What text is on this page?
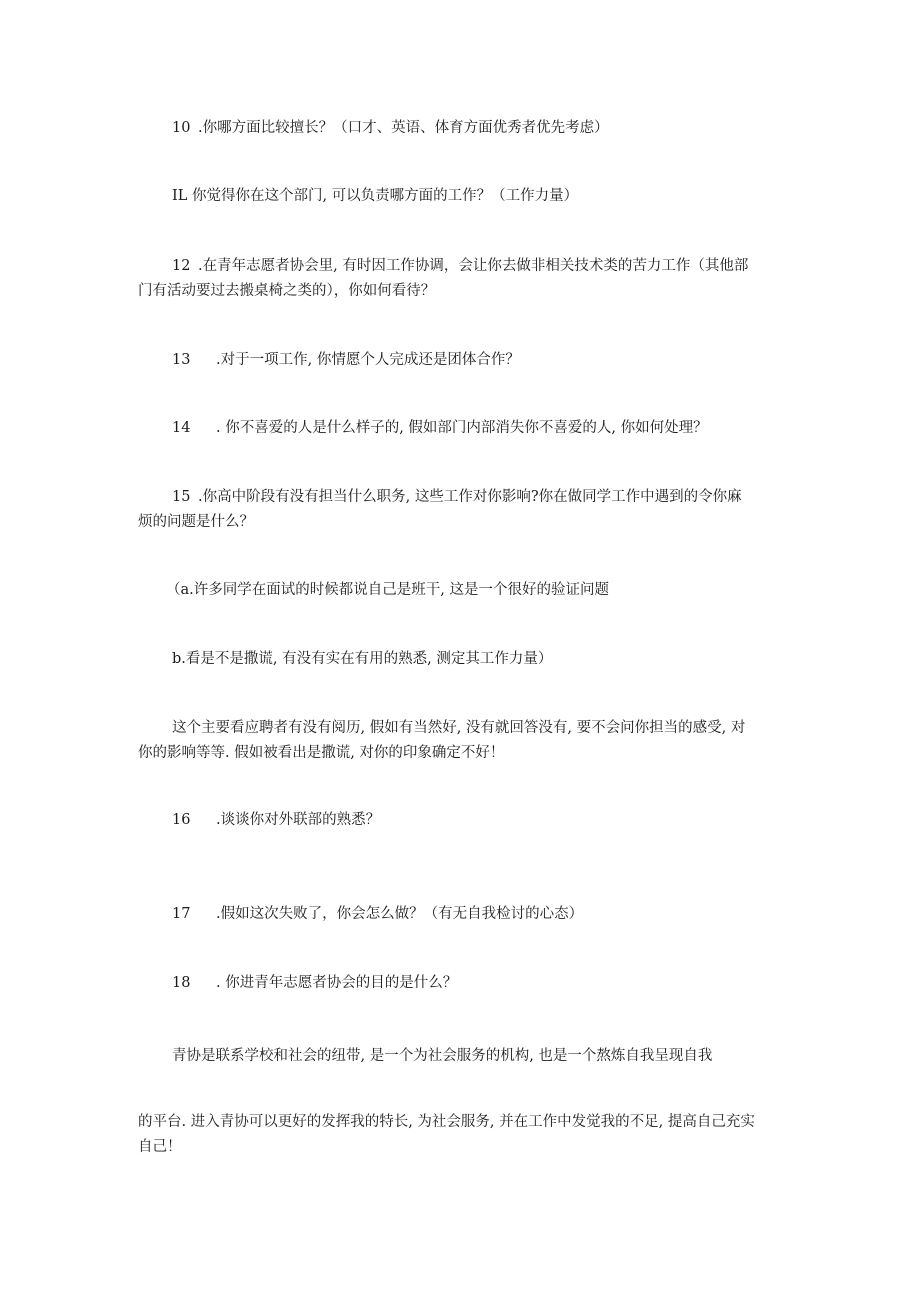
10 .你哪方面比较擅长？（口才、英语、体育方面优秀者优先考虑）
IL 你觉得你在这个部门, 可以负责哪方面的工作？（工作力量）
12 .在青年志愿者协会里, 有时因工作协调，会让你去做非相关技术类的苦力工作（其他部
门有活动要过去搬桌椅之类的），你如何看待？
13 .对于一项工作, 你情愿个人完成还是团体合作？
14 . 你不喜爱的人是什么样子的, 假如部门内部消失你不喜爱的人, 你如何处理？
15 .你高中阶段有没有担当什么职务, 这些工作对你影响?你在做同学工作中遇到的令你麻
烦的问题是什么？
（a.许多同学在面试的时候都说自己是班干, 这是一个很好的验证问题
b.看是不是撒谎, 有没有实在有用的熟悉, 测定其工作力量）
这个主要看应聘者有没有阅历, 假如有当然好, 没有就回答没有, 要不会问你担当的感受, 对
你的影响等等. 假如被看出是撒谎, 对你的印象确定不好！
16 .谈谈你对外联部的熟悉？
17 .假如这次失败了，你会怎么做？（有无自我检讨的心态）
18 . 你进青年志愿者协会的目的是什么？
青协是联系学校和社会的纽带, 是一个为社会服务的机构, 也是一个熬炼自我呈现自我
的平台. 进入青协可以更好的发挥我的特长, 为社会服务, 并在工作中发觉我的不足, 提高自己充实
自己！
